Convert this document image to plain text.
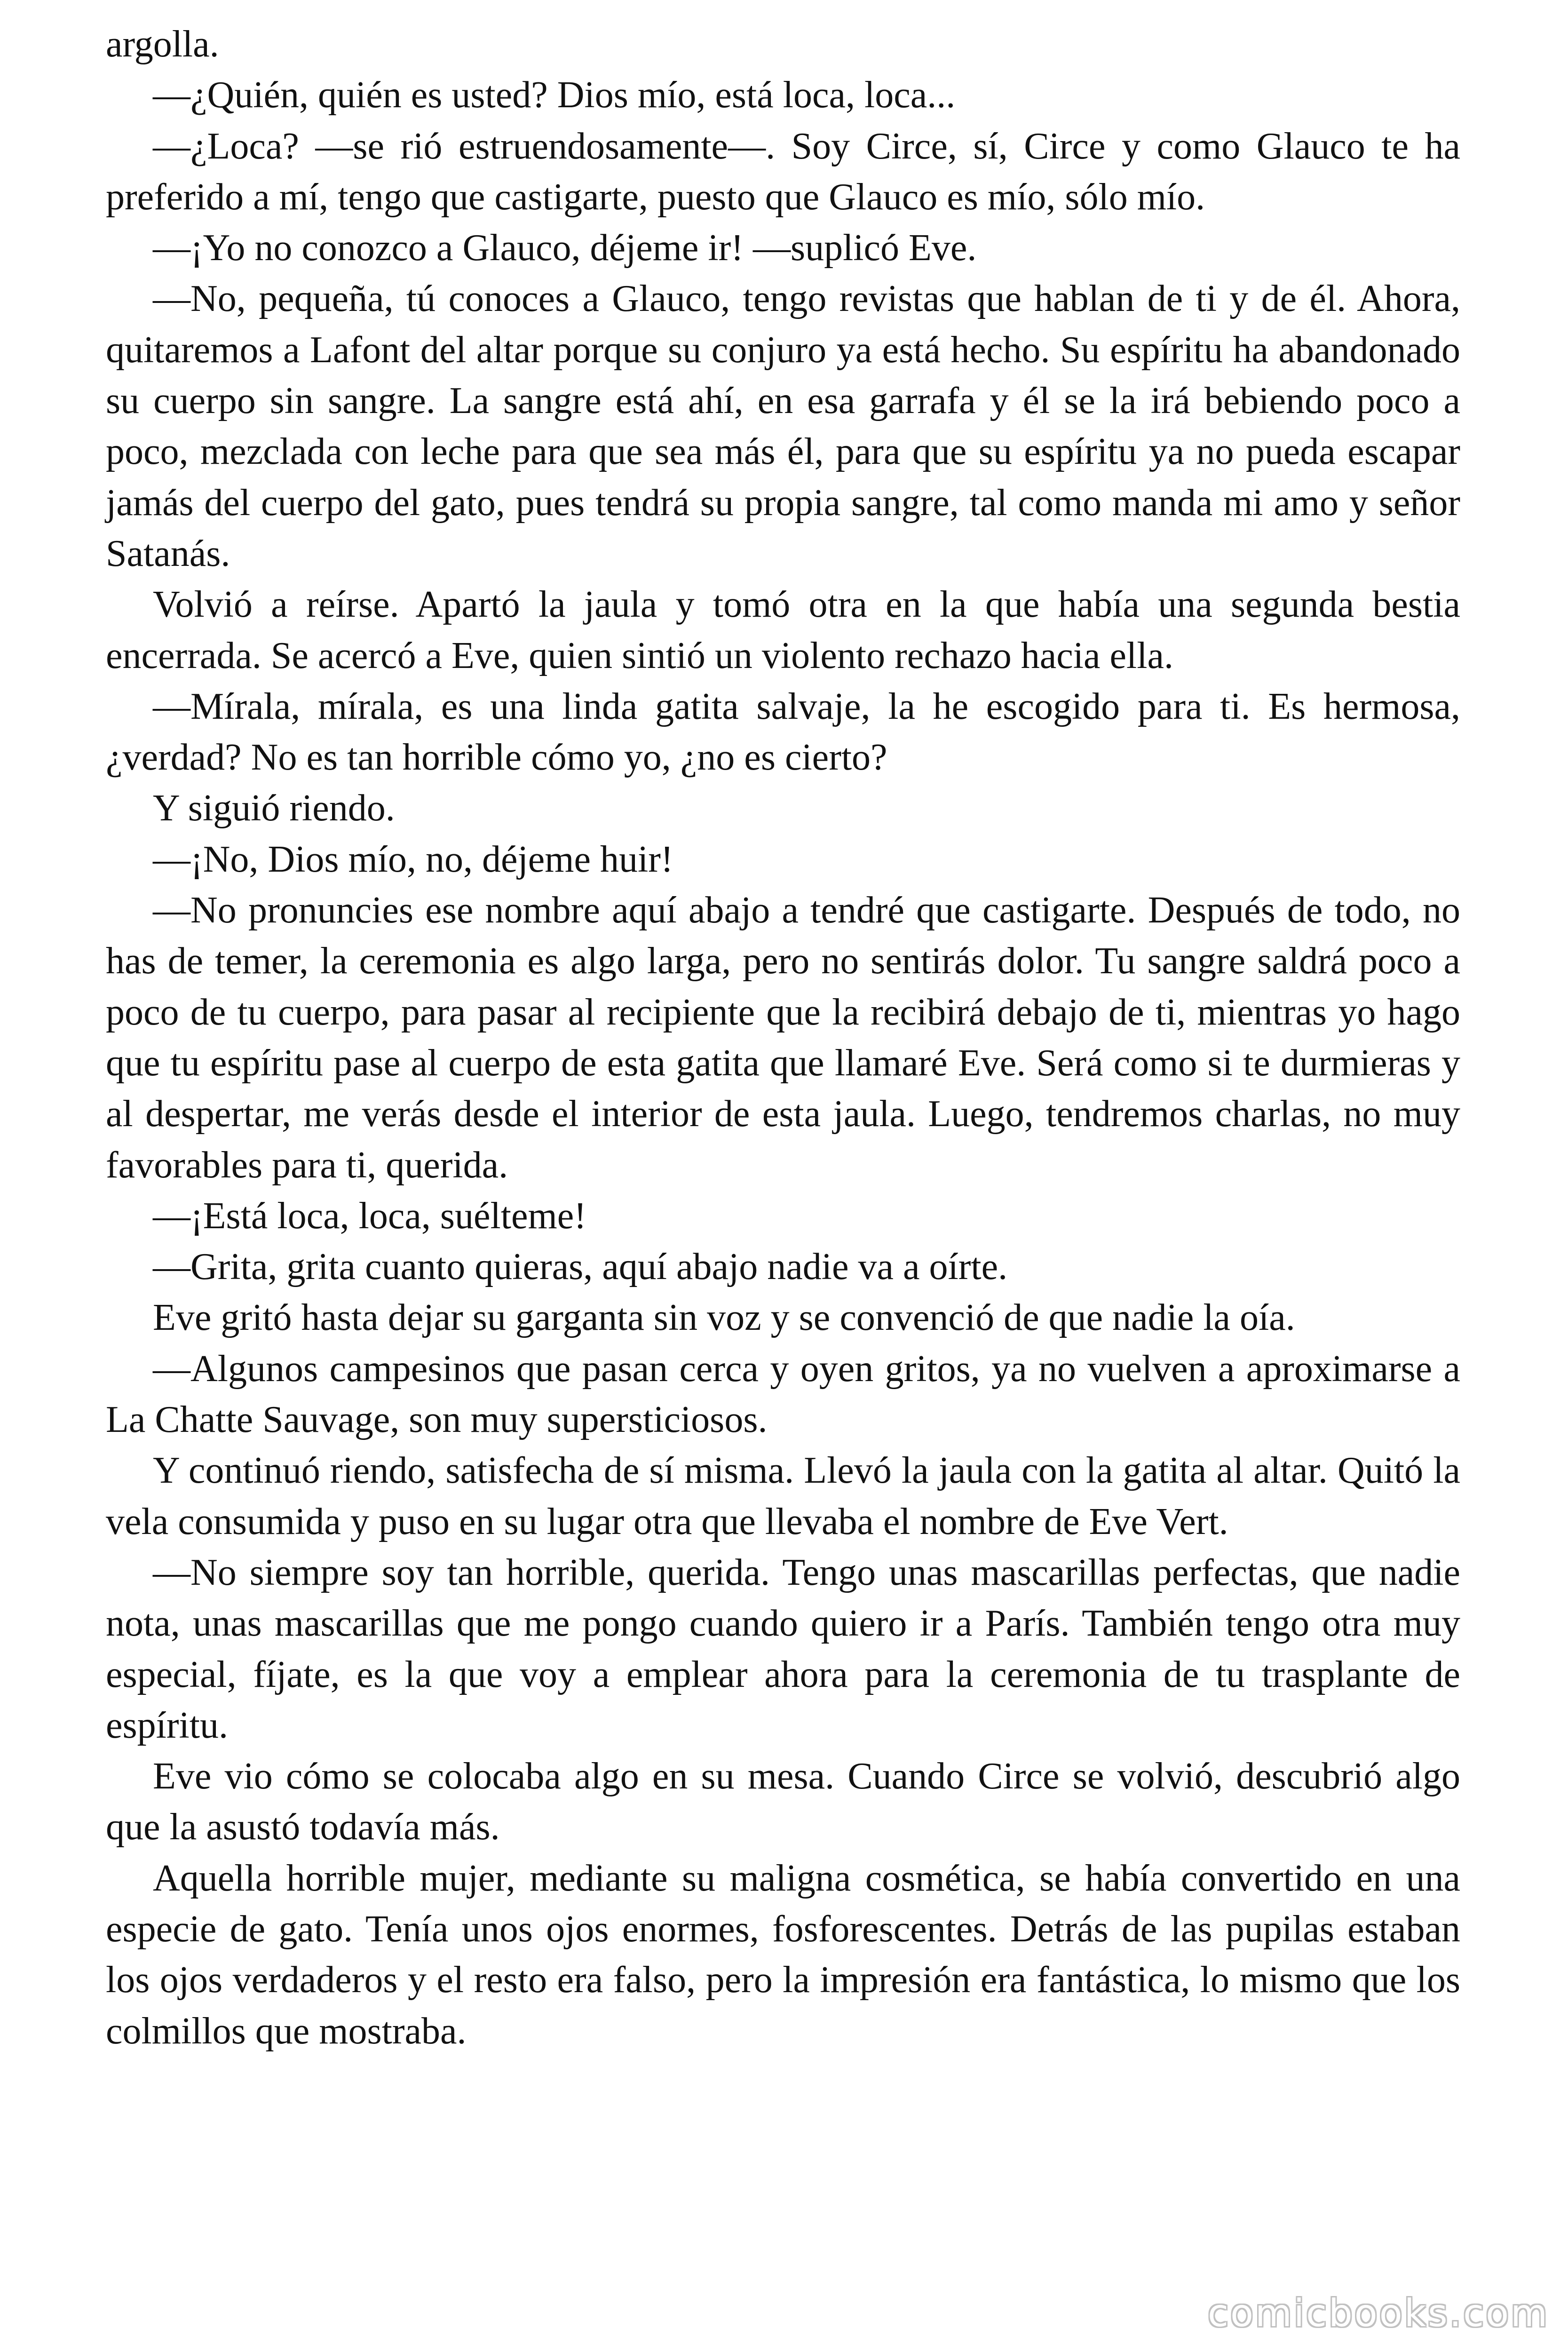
argolla.

—¿Quién, quién es usted? Dios mío, está loca, loca...

—¿Loca? —se rió estruendosamente—. Soy Circe, sí, Circe y como Glauco te ha preferido a mí, tengo que castigarte, puesto que Glauco es mío, sólo mío.

—¡Yo no conozco a Glauco, déjeme ir! —suplicó Eve.

—No, pequeña, tú conoces a Glauco, tengo revistas que hablan de ti y de él. Ahora, quitaremos a Lafont del altar porque su conjuro ya está hecho. Su espíritu ha abandonado su cuerpo sin sangre. La sangre está ahí, en esa garrafa y él se la irá bebiendo poco a poco, mezclada con leche para que sea más él, para que su espíritu ya no pueda escapar jamás del cuerpo del gato, pues tendrá su propia sangre, tal como manda mi amo y señor Satanás.

Volvió a reírse. Apartó la jaula y tomó otra en la que había una segunda bestia encerrada. Se acercó a Eve, quien sintió un violento rechazo hacia ella.

—Mírala, mírala, es una linda gatita salvaje, la he escogido para ti. Es hermosa, ¿verdad? No es tan horrible cómo yo, ¿no es cierto?

Y siguió riendo.

—¡No, Dios mío, no, déjeme huir!

—No pronuncies ese nombre aquí abajo a tendré que castigarte. Después de todo, no has de temer, la ceremonia es algo larga, pero no sentirás dolor. Tu sangre saldrá poco a poco de tu cuerpo, para pasar al recipiente que la recibirá debajo de ti, mientras yo hago que tu espíritu pase al cuerpo de esta gatita que llamaré Eve. Será como si te durmieras y al despertar, me verás desde el interior de esta jaula. Luego, tendremos charlas, no muy favorables para ti, querida.

—¡Está loca, loca, suélteme!

—Grita, grita cuanto quieras, aquí abajo nadie va a oírte.

Eve gritó hasta dejar su garganta sin voz y se convenció de que nadie la oía.

—Algunos campesinos que pasan cerca y oyen gritos, ya no vuelven a aproximarse a La Chatte Sauvage, son muy supersticiosos.

Y continuó riendo, satisfecha de sí misma. Llevó la jaula con la gatita al altar. Quitó la vela consumida y puso en su lugar otra que llevaba el nombre de Eve Vert.

—No siempre soy tan horrible, querida. Tengo unas mascarillas perfectas, que nadie nota, unas mascarillas que me pongo cuando quiero ir a París. También tengo otra muy especial, fíjate, es la que voy a emplear ahora para la ceremonia de tu trasplante de espíritu.

Eve vio cómo se colocaba algo en su mesa. Cuando Circe se volvió, descubrió algo que la asustó todavía más.

Aquella horrible mujer, mediante su maligna cosmética, se había convertido en una especie de gato. Tenía unos ojos enormes, fosforescentes. Detrás de las pupilas estaban los ojos verdaderos y el resto era falso, pero la impresión era fantástica, lo mismo que los colmillos que mostraba.

comicbooks.com
